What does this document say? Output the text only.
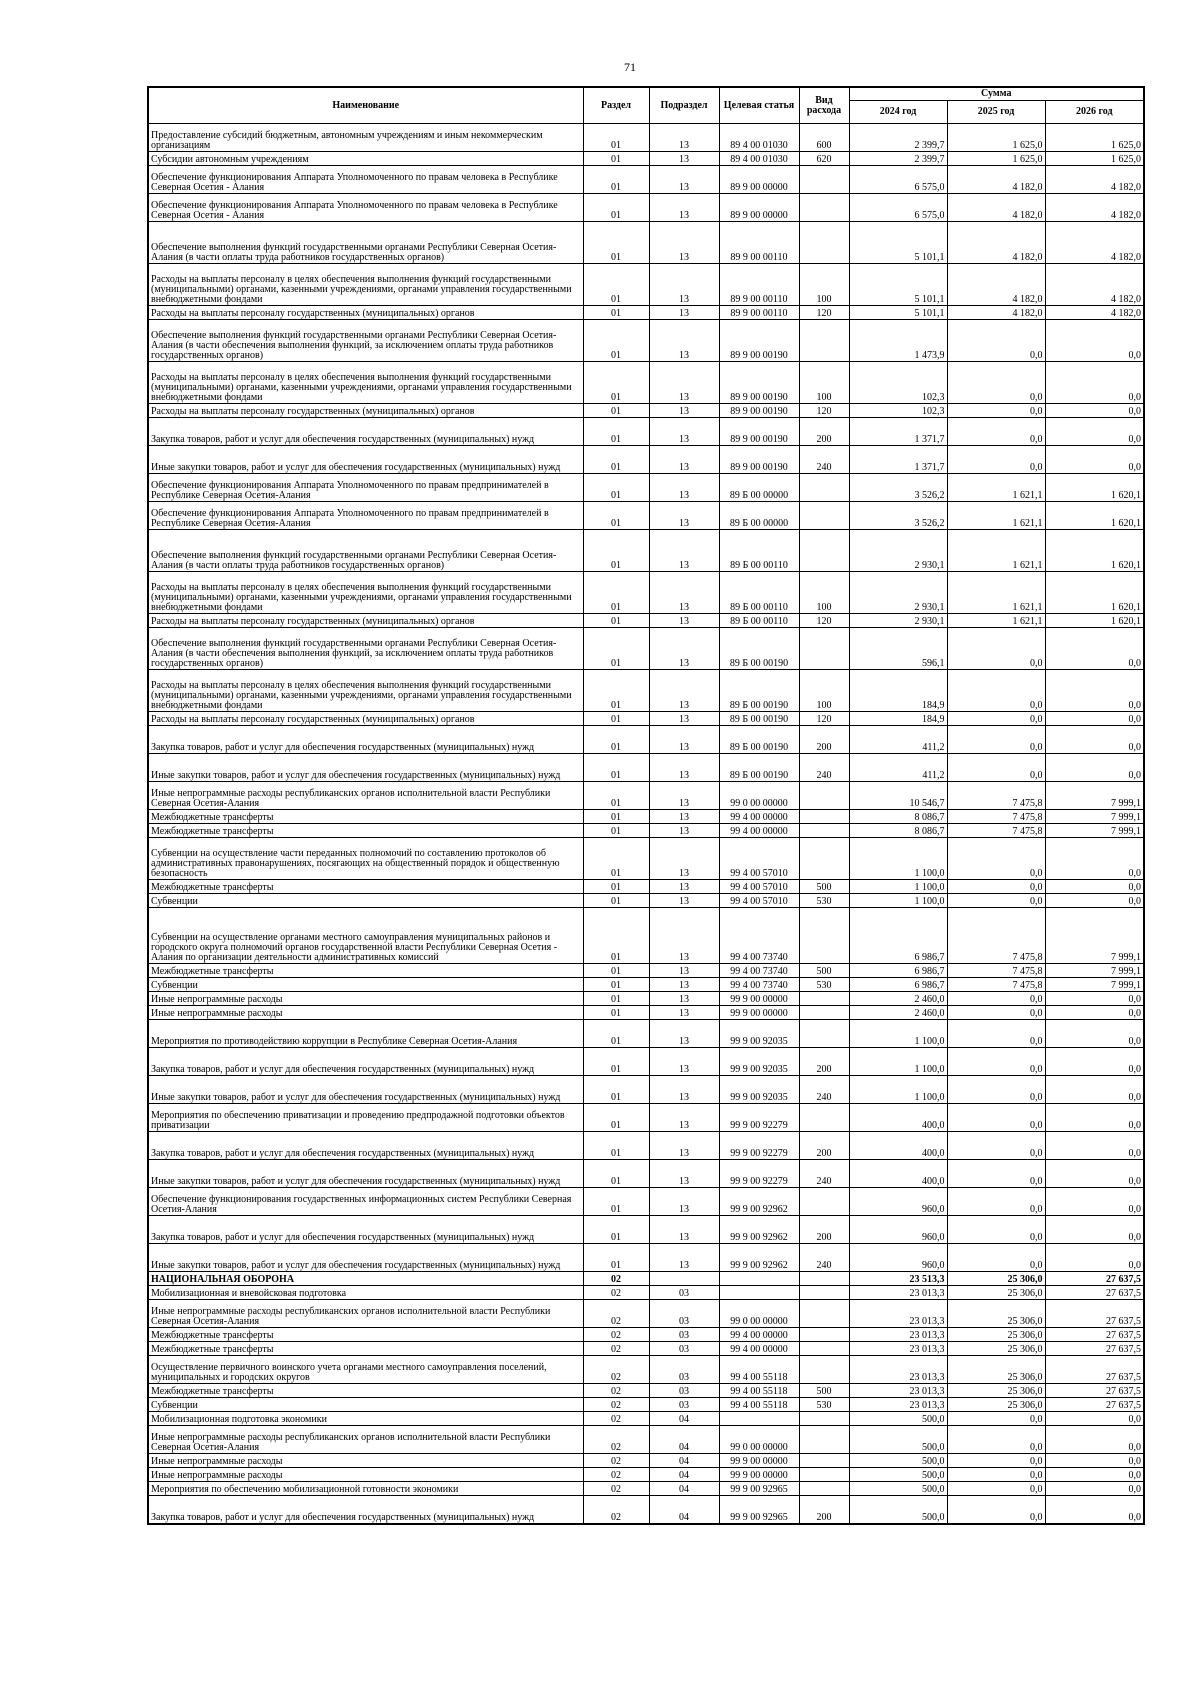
71
Наименование	Раздел	Подраздел	Целевая статья	Вид расхода	Сумма		
					2024 год	2025 год	2026 год
Предоставление субсидий бюджетным, автономным учреждениям и иным некоммерческим организациям	01	13	89 4 00 01030	600	2 399,7	1 625,0	1 625,0
Субсидии автономным учреждениям	01	13	89 4 00 01030	620	2 399,7	1 625,0	1 625,0
Обеспечение функционирования Аппарата Уполномоченного по правам человека в Республике Северная Осетия - Алания	01	13	89 9 00 00000		6 575,0	4 182,0	4 182,0
Обеспечение функционирования Аппарата Уполномоченного по правам человека в Республике Северная Осетия - Алания	01	13	89 9 00 00000		6 575,0	4 182,0	4 182,0
Обеспечение выполнения функций государственными органами Республики Северная Осетия-Алания (в части оплаты труда работников государственных органов)	01	13	89 9 00 00110		5 101,1	4 182,0	4 182,0
Расходы на выплаты персоналу в целях обеспечения выполнения функций государственными (муниципальными) органами, казенными учреждениями, органами управления государственными внебюджетными фондами	01	13	89 9 00 00110	100	5 101,1	4 182,0	4 182,0
Расходы на выплаты персоналу государственных (муниципальных) органов	01	13	89 9 00 00110	120	5 101,1	4 182,0	4 182,0
Обеспечение выполнения функций государственными органами Республики Северная Осетия-Алания (в части обеспечения выполнения функций, за исключением оплаты труда работников государственных органов)	01	13	89 9 00 00190		1 473,9	0,0	0,0
Расходы на выплаты персоналу в целях обеспечения выполнения функций государственными (муниципальными) органами, казенными учреждениями, органами управления государственными внебюджетными фондами	01	13	89 9 00 00190	100	102,3	0,0	0,0
Расходы на выплаты персоналу государственных (муниципальных) органов	01	13	89 9 00 00190	120	102,3	0,0	0,0
Закупка товаров, работ и услуг для обеспечения государственных (муниципальных) нужд	01	13	89 9 00 00190	200	1 371,7	0,0	0,0
Иные закупки товаров, работ и услуг для обеспечения государственных (муниципальных) нужд	01	13	89 9 00 00190	240	1 371,7	0,0	0,0
Обеспечение функционирования Аппарата Уполномоченного по правам предпринимателей в Республике Северная Осетия-Алания	01	13	89 Б 00 00000		3 526,2	1 621,1	1 620,1
Обеспечение функционирования Аппарата Уполномоченного по правам предпринимателей в Республике Северная Осетия-Алания	01	13	89 Б 00 00000		3 526,2	1 621,1	1 620,1
Обеспечение выполнения функций государственными органами Республики Северная Осетия-Алания (в части оплаты труда работников государственных органов)	01	13	89 Б 00 00110		2 930,1	1 621,1	1 620,1
Расходы на выплаты персоналу в целях обеспечения выполнения функций государственными (муниципальными) органами, казенными учреждениями, органами управления государственными внебюджетными фондами	01	13	89 Б 00 00110	100	2 930,1	1 621,1	1 620,1
Расходы на выплаты персоналу государственных (муниципальных) органов	01	13	89 Б 00 00110	120	2 930,1	1 621,1	1 620,1
Обеспечение выполнения функций государственными органами Республики Северная Осетия-Алания (в части обеспечения выполнения функций, за исключением оплаты труда работников государственных органов)	01	13	89 Б 00 00190		596,1	0,0	0,0
Расходы на выплаты персоналу в целях обеспечения выполнения функций государственными (муниципальными) органами, казенными учреждениями, органами управления государственными внебюджетными фондами	01	13	89 Б 00 00190	100	184,9	0,0	0,0
Расходы на выплаты персоналу государственных (муниципальных) органов	01	13	89 Б 00 00190	120	184,9	0,0	0,0
Закупка товаров, работ и услуг для обеспечения государственных (муниципальных) нужд	01	13	89 Б 00 00190	200	411,2	0,0	0,0
Иные закупки товаров, работ и услуг для обеспечения государственных (муниципальных) нужд	01	13	89 Б 00 00190	240	411,2	0,0	0,0
Иные непрограммные расходы республиканских органов исполнительной власти Республики Северная Осетия-Алания	01	13	99 0 00 00000		10 546,7	7 475,8	7 999,1
Межбюджетные трансферты	01	13	99 4 00 00000		8 086,7	7 475,8	7 999,1
Межбюджетные трансферты	01	13	99 4 00 00000		8 086,7	7 475,8	7 999,1
Субвенции на осуществление части переданных полномочий по составлению протоколов об административных правонарушениях, посягающих на общественный порядок и общественную безопасность	01	13	99 4 00 57010		1 100,0	0,0	0,0
Межбюджетные трансферты	01	13	99 4 00 57010	500	1 100,0	0,0	0,0
Субвенции	01	13	99 4 00 57010	530	1 100,0	0,0	0,0
Субвенции на осуществление органами местного самоуправления муниципальных районов и городского округа полномочий органов государственной власти Республики Северная Осетия - Алания по организации деятельности административных комиссий	01	13	99 4 00 73740		6 986,7	7 475,8	7 999,1
Межбюджетные трансферты	01	13	99 4 00 73740	500	6 986,7	7 475,8	7 999,1
Субвенции	01	13	99 4 00 73740	530	6 986,7	7 475,8	7 999,1
Иные непрограммные расходы	01	13	99 9 00 00000		2 460,0	0,0	0,0
Иные непрограммные расходы	01	13	99 9 00 00000		2 460,0	0,0	0,0
Мероприятия по противодействию коррупции в Республике Северная Осетия-Алания	01	13	99 9 00 92035		1 100,0	0,0	0,0
Закупка товаров, работ и услуг для обеспечения государственных (муниципальных) нужд	01	13	99 9 00 92035	200	1 100,0	0,0	0,0
Иные закупки товаров, работ и услуг для обеспечения государственных (муниципальных) нужд	01	13	99 9 00 92035	240	1 100,0	0,0	0,0
Мероприятия по обеспечению приватизации и проведению предпродажной подготовки объектов приватизации	01	13	99 9 00 92279		400,0	0,0	0,0
Закупка товаров, работ и услуг для обеспечения государственных (муниципальных) нужд	01	13	99 9 00 92279	200	400,0	0,0	0,0
Иные закупки товаров, работ и услуг для обеспечения государственных (муниципальных) нужд	01	13	99 9 00 92279	240	400,0	0,0	0,0
Обеспечение функционирования государственных информационных систем Республики Северная Осетия-Алания	01	13	99 9 00 92962		960,0	0,0	0,0
Закупка товаров, работ и услуг для обеспечения государственных (муниципальных) нужд	01	13	99 9 00 92962	200	960,0	0,0	0,0
Иные закупки товаров, работ и услуг для обеспечения государственных (муниципальных) нужд	01	13	99 9 00 92962	240	960,0	0,0	0,0
НАЦИОНАЛЬНАЯ ОБОРОНА	02				23 513,3	25 306,0	27 637,5
Мобилизационная и вневойсковая подготовка	02	03			23 013,3	25 306,0	27 637,5
Иные непрограммные расходы республиканских органов исполнительной власти Республики Северная Осетия-Алания	02	03	99 0 00 00000		23 013,3	25 306,0	27 637,5
Межбюджетные трансферты	02	03	99 4 00 00000		23 013,3	25 306,0	27 637,5
Межбюджетные трансферты	02	03	99 4 00 00000		23 013,3	25 306,0	27 637,5
Осуществление первичного воинского учета органами местного самоуправления поселений, муниципальных и городских округов	02	03	99 4 00 55118		23 013,3	25 306,0	27 637,5
Межбюджетные трансферты	02	03	99 4 00 55118	500	23 013,3	25 306,0	27 637,5
Субвенции	02	03	99 4 00 55118	530	23 013,3	25 306,0	27 637,5
Мобилизационная подготовка экономики	02	04			500,0	0,0	0,0
Иные непрограммные расходы республиканских органов исполнительной власти Республики Северная Осетия-Алания	02	04	99 0 00 00000		500,0	0,0	0,0
Иные непрограммные расходы	02	04	99 9 00 00000		500,0	0,0	0,0
Иные непрограммные расходы	02	04	99 9 00 00000		500,0	0,0	0,0
Мероприятия по обеспечению мобилизационной готовности экономики	02	04	99 9 00 92965		500,0	0,0	0,0
Закупка товаров, работ и услуг для обеспечения государственных (муниципальных) нужд	02	04	99 9 00 92965	200	500,0	0,0	0,0
